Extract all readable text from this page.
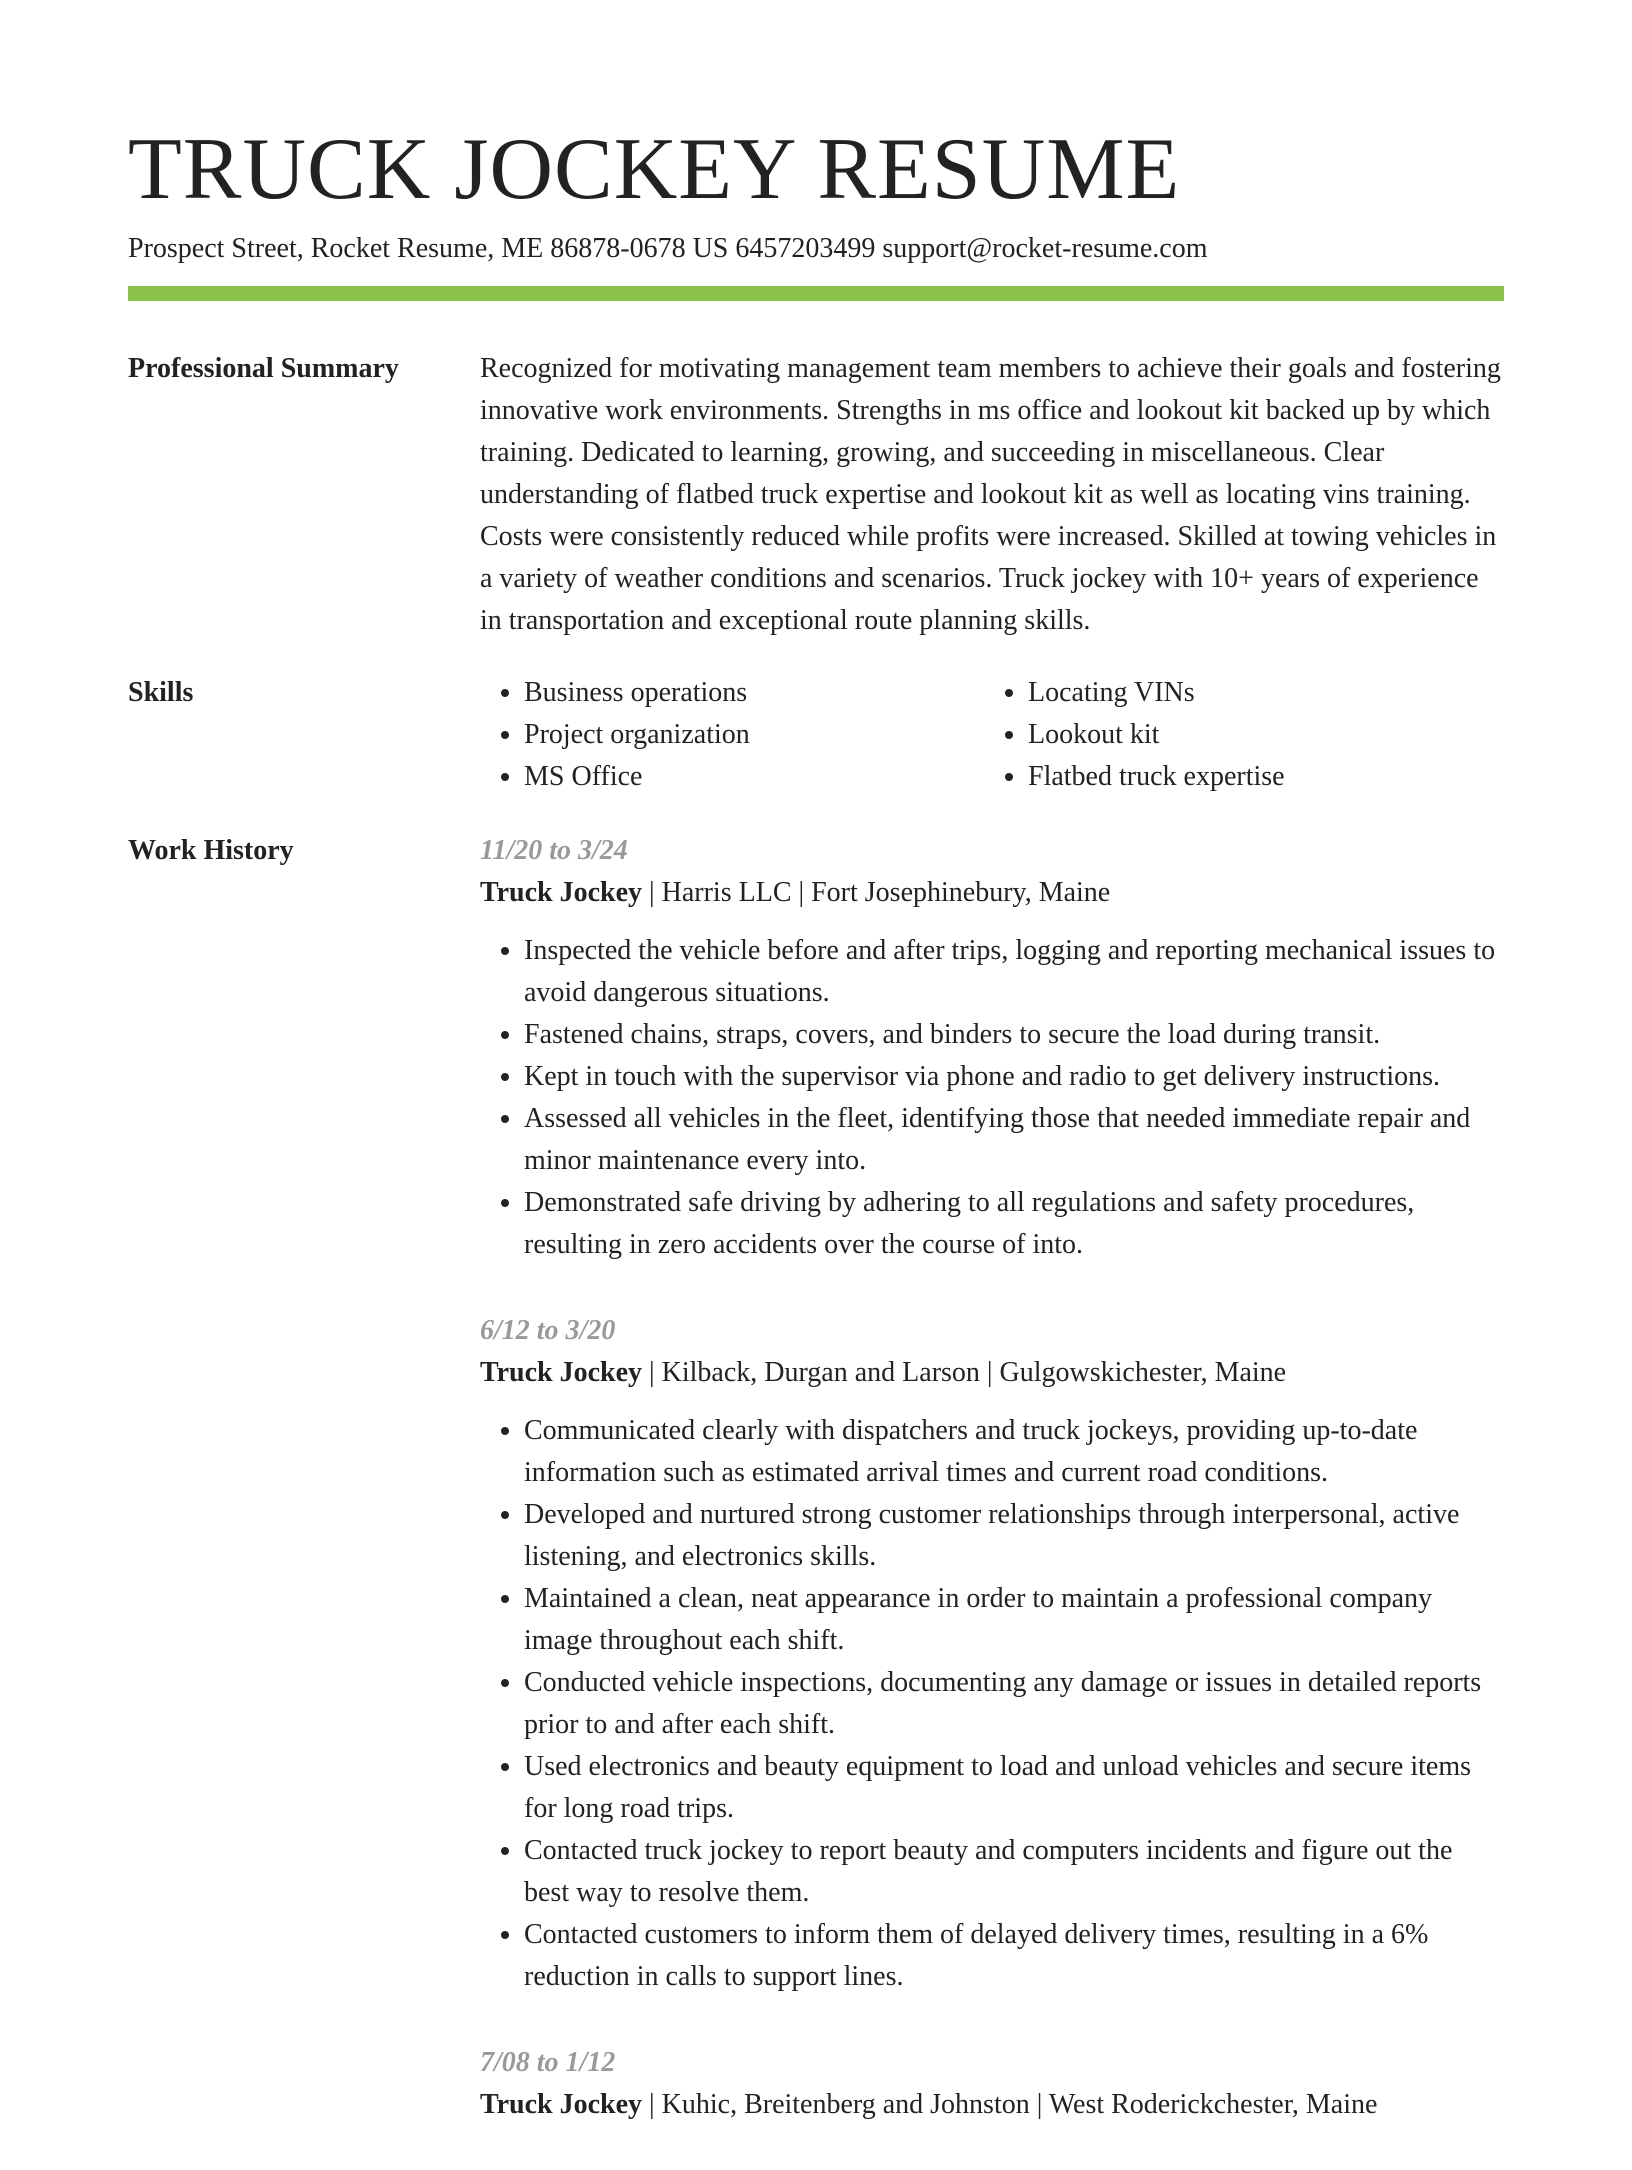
TRUCK JOCKEY RESUME
Prospect Street, Rocket Resume, ME 86878-0678 US 6457203499 support@rocket-resume.com
Professional Summary	Recognized for motivating management team members to achieve their goals and fostering innovative work environments. Strengths in ms office and lookout kit backed up by which training. Dedicated to learning, growing, and succeeding in miscellaneous. Clear understanding of flatbed truck expertise and lookout kit as well as locating vins training. Costs were consistently reduced while profits were increased. Skilled at towing vehicles in a variety of weather conditions and scenarios. Truck jockey with 10+ years of experience in transportation and exceptional route planning skills.

Skills
•	Business operations
• Project organization
• MS Office
• Locating VINs
• Lookout kit
• Flatbed truck expertise
Work History	11/20 to 3/24
Truck Jockey | Harris LLC | Fort Josephinebury, Maine
• Inspected the vehicle before and after trips, logging and reporting mechanical issues to avoid dangerous situations.
• Fastened chains, straps, covers, and binders to secure the load during transit.
• Kept in touch with the supervisor via phone and radio to get delivery instructions.
• Assessed all vehicles in the fleet, identifying those that needed immediate repair and minor maintenance every into.
• Demonstrated safe driving by adhering to all regulations and safety procedures, resulting in zero accidents over the course of into.
6/12 to 3/20
Truck Jockey | Kilback, Durgan and Larson | Gulgowskichester, Maine
• Communicated clearly with dispatchers and truck jockeys, providing up-to-date information such as estimated arrival times and current road conditions.
• Developed and nurtured strong customer relationships through interpersonal, active listening, and electronics skills.
• Maintained a clean, neat appearance in order to maintain a professional company image throughout each shift.
• Conducted vehicle inspections, documenting any damage or issues in detailed reports prior to and after each shift.
• Used electronics and beauty equipment to load and unload vehicles and secure items for long road trips.
• Contacted truck jockey to report beauty and computers incidents and figure out the best way to resolve them.
• Contacted customers to inform them of delayed delivery times, resulting in a 6% reduction in calls to support lines.
7/08 to 1/12
Truck Jockey | Kuhic, Breitenberg and Johnston | West Roderickchester, Maine
